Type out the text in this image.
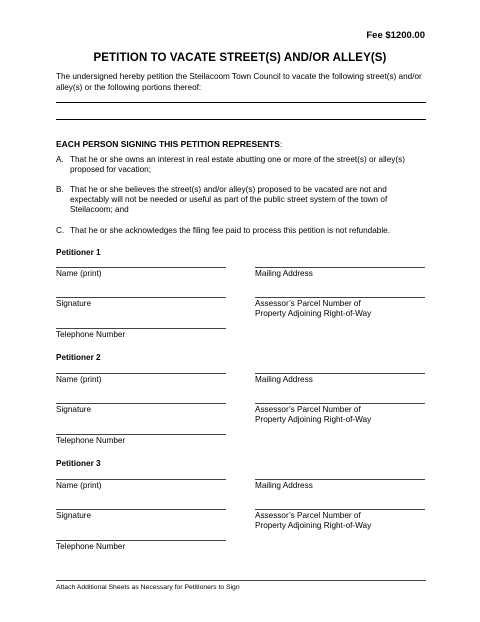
Fee $1200.00
PETITION TO VACATE STREET(S) AND/OR ALLEY(S)
The undersigned hereby petition the Steilacoom Town Council to vacate the following street(s) and/or alley(s) or the following portions thereof:
EACH PERSON SIGNING THIS PETITION REPRESENTS:
A. That he or she owns an interest in real estate abutting one or more of the street(s) or alley(s) proposed for vacation;
B. That he or she believes the street(s) and/or alley(s) proposed to be vacated are not and expectably will not be needed or useful as part of the public street system of the town of Steilacoom; and
C. That he or she acknowledges the filing fee paid to process this petition is not refundable.
Petitioner 1
Name (print)	Mailing Address
Signature	Assessor’s Parcel Number of
Property Adjoining Right-of-Way
Telephone Number
Petitioner 2
Name (print)	Mailing Address
Signature	Assessor’s Parcel Number of
Property Adjoining Right-of-Way
Telephone Number
Petitioner 3
Name (print)	Mailing Address
Signature	Assessor’s Parcel Number of
Property Adjoining Right-of-Way
Telephone Number
Attach Additional Sheets as Necessary for Petitioners to Sign
